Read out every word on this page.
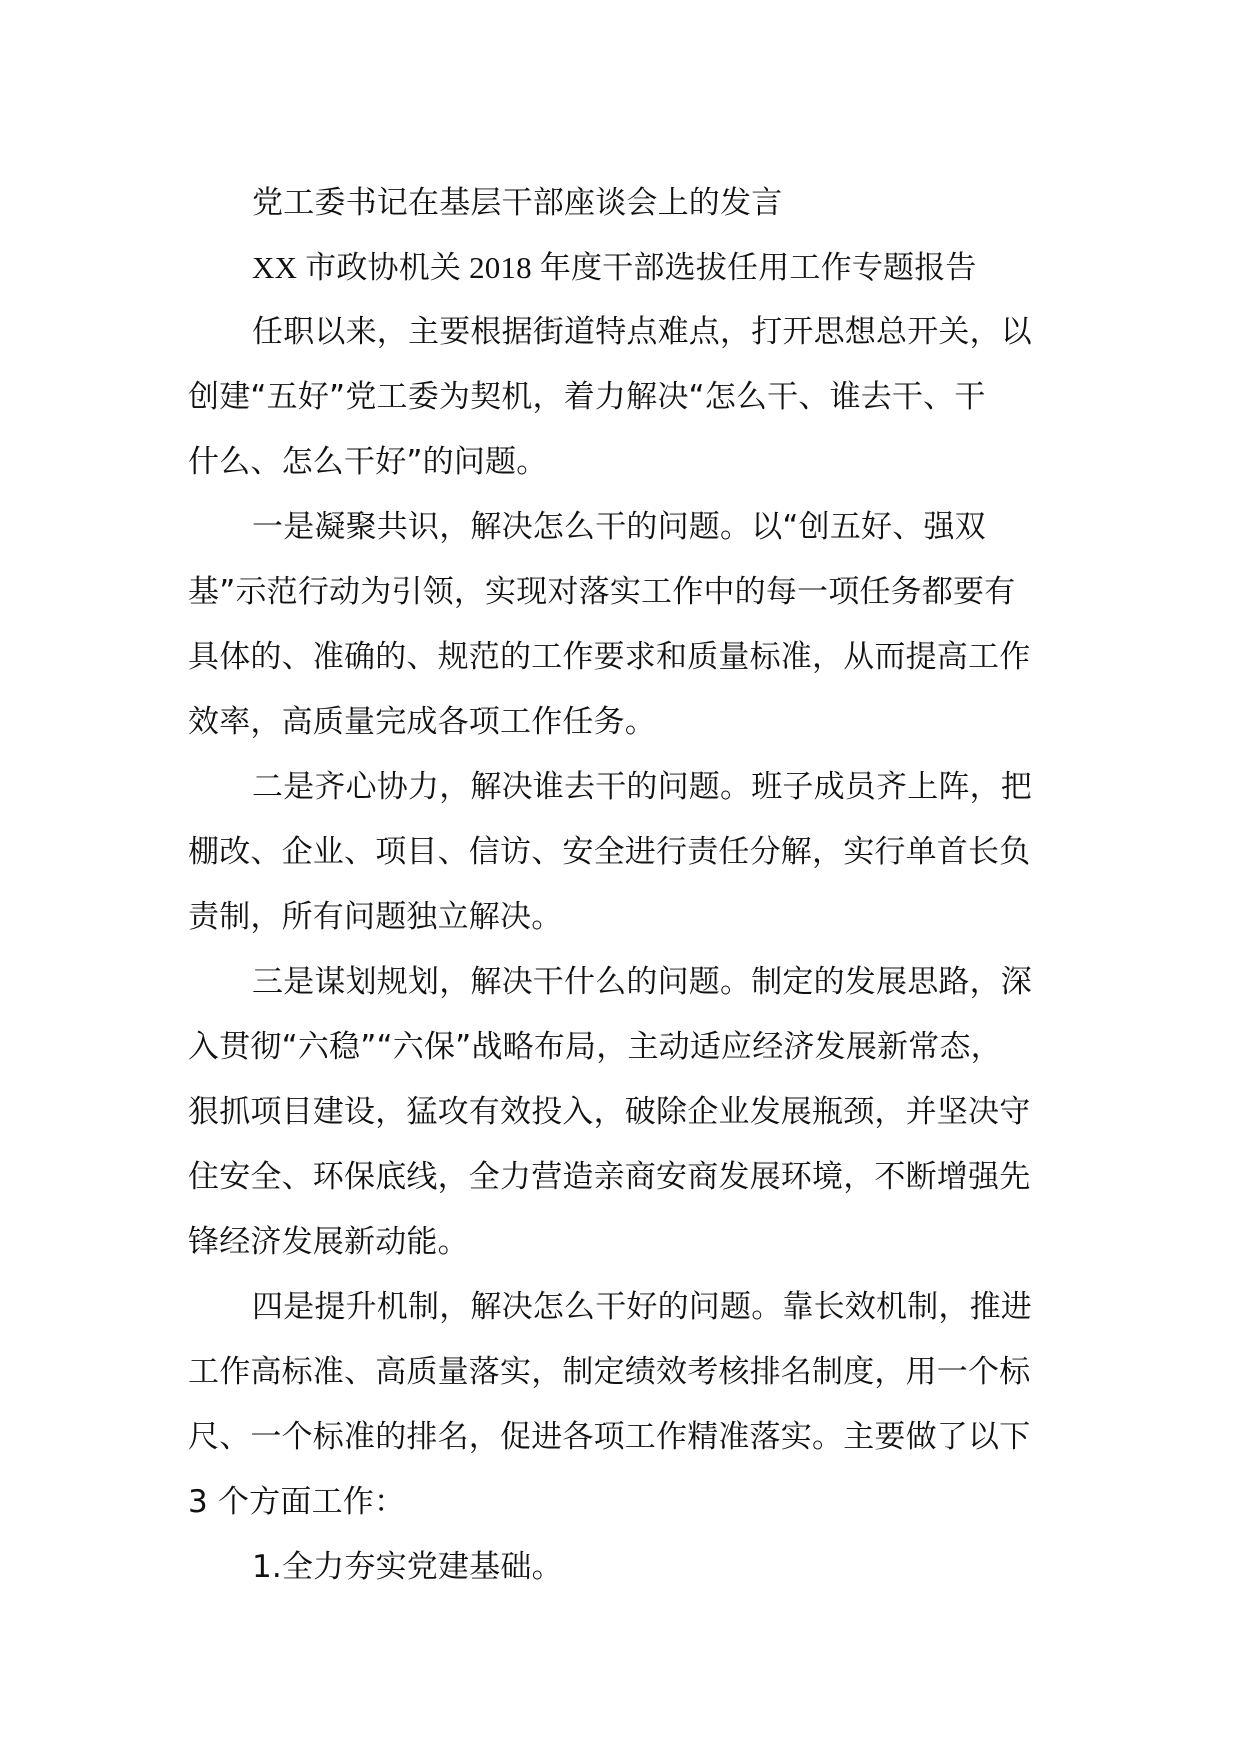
党工委书记在基层干部座谈会上的发言
XX 市政协机关 2018 年度干部选拔任用工作专题报告
任职以来，主要根据街道特点难点，打开思想总开关，以
创建“五好”党工委为契机，着力解决“怎么干、谁去干、干
什么、怎么干好”的问题。
一是凝聚共识，解决怎么干的问题。以“创五好、强双
基”示范行动为引领，实现对落实工作中的每一项任务都要有
具体的、准确的、规范的工作要求和质量标准，从而提高工作
效率，高质量完成各项工作任务。
二是齐心协力，解决谁去干的问题。班子成员齐上阵，把
棚改、企业、项目、信访、安全进行责任分解，实行单首长负
责制，所有问题独立解决。
三是谋划规划，解决干什么的问题。制定的发展思路，深
入贯彻“六稳”“六保”战略布局，主动适应经济发展新常态，
狠抓项目建设，猛攻有效投入，破除企业发展瓶颈，并坚决守
住安全、环保底线，全力营造亲商安商发展环境，不断增强先
锋经济发展新动能。
四是提升机制，解决怎么干好的问题。靠长效机制，推进
工作高标准、高质量落实，制定绩效考核排名制度，用一个标
尺、一个标准的排名，促进各项工作精准落实。主要做了以下
3 个方面工作：
1.全力夯实党建基础。
